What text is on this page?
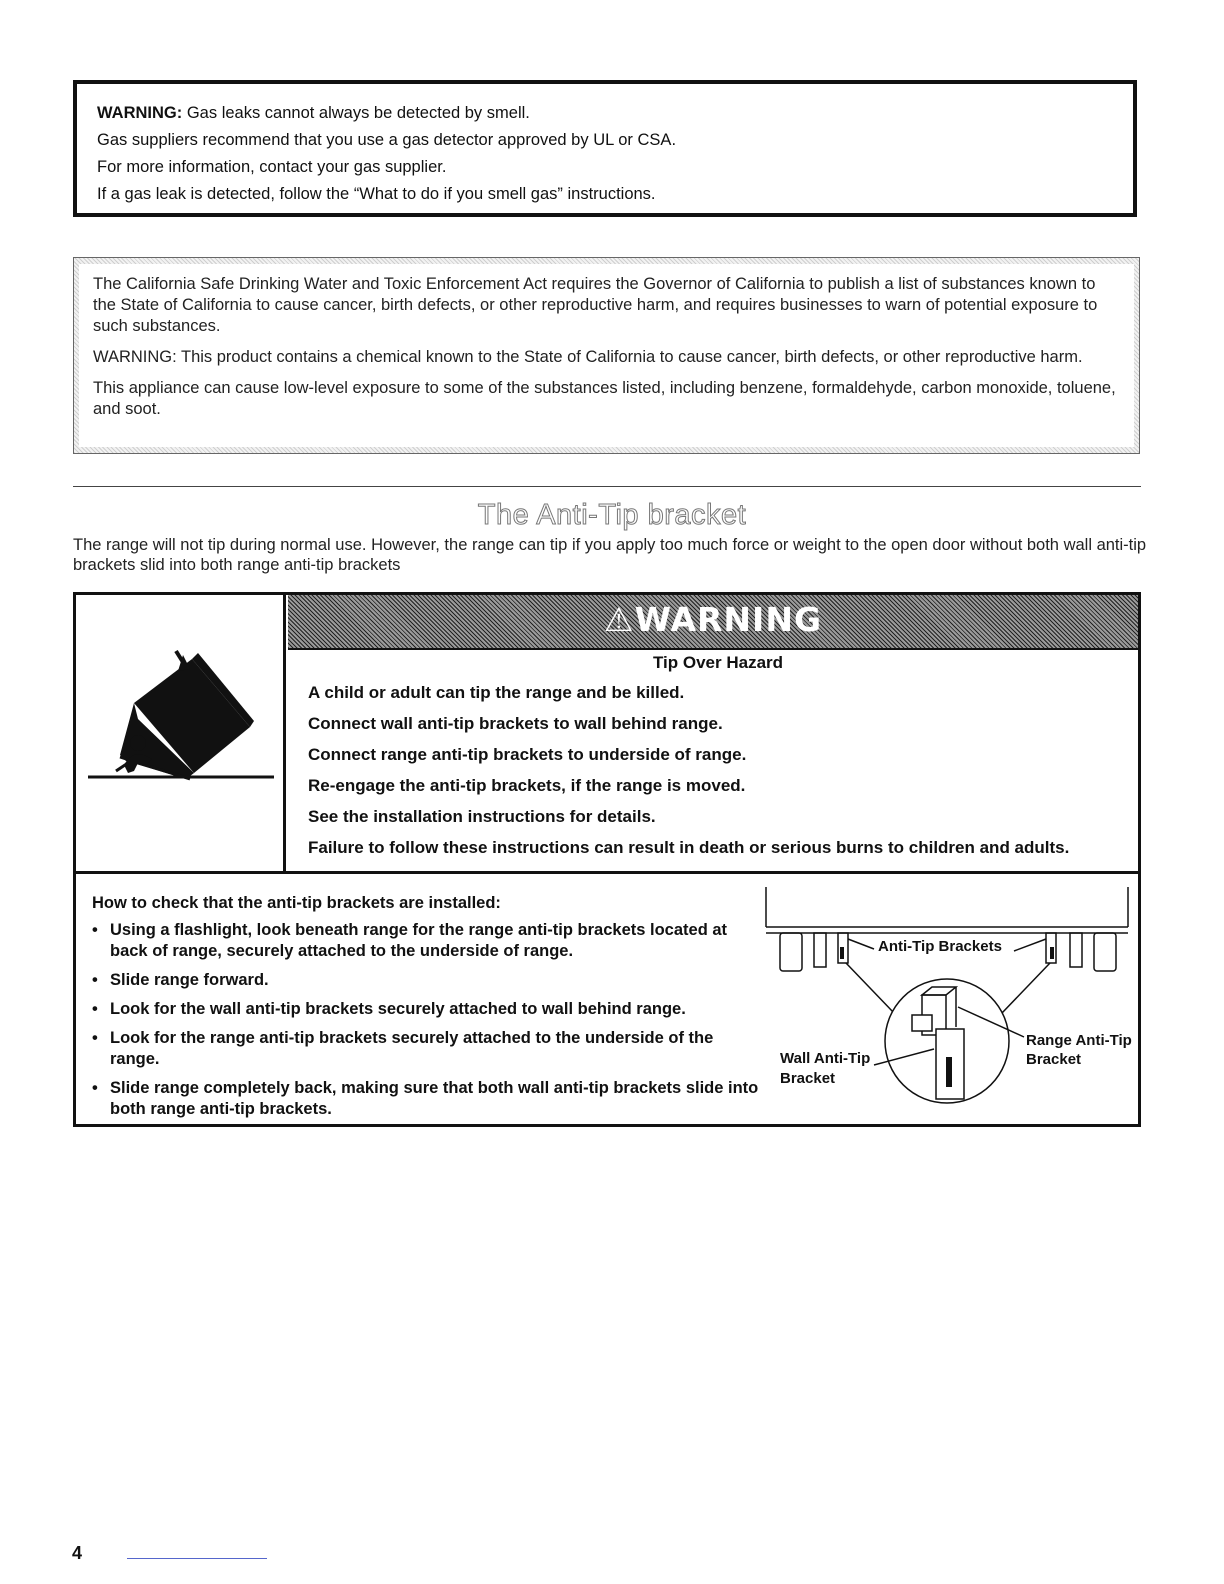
WARNING: Gas leaks cannot always be detected by smell.

Gas suppliers recommend that you use a gas detector approved by UL or CSA.

For more information, contact your gas supplier.

If a gas leak is detected, follow the “What to do if you smell gas” instructions.

The California Safe Drinking Water and Toxic Enforcement Act requires the Governor of California to publish a list of substances known to the State of California to cause cancer, birth defects, or other reproductive harm, and requires businesses to warn of potential exposure to such substances.

WARNING: This product contains a chemical known to the State of California to cause cancer, birth defects, or other reproductive harm.

This appliance can cause low-level exposure to some of the substances listed, including benzene, formaldehyde, carbon monoxide, toluene, and soot.

The Anti-Tip bracket
The range will not tip during normal use. However, the range can tip if you apply too much force or weight to the open door without both wall anti-tip brackets slid into both range anti-tip brackets
⚠WARNING

Tip Over Hazard

A child or adult can tip the range and be killed.

Connect wall anti-tip brackets to wall behind range.

Connect range anti-tip brackets to underside of range.

Re-engage the anti-tip brackets, if the range is moved.

See the installation instructions for details.

Failure to follow these instructions can result in death or serious burns to children and adults.

How to check that the anti-tip brackets are installed:

• Using a flashlight, look beneath range for the range anti-tip brackets located at back of range, securely attached to the underside of range.
• Slide range forward.
• Look for the wall anti-tip brackets securely attached to wall behind range.
• Look for the range anti-tip brackets securely attached to the underside of the range.
• Slide range completely back, making sure that both wall anti-tip brackets slide into both range anti-tip brackets.
Anti-Tip Brackets
Range Anti-Tip
Bracket
Wall Anti-Tip
Bracket
4
